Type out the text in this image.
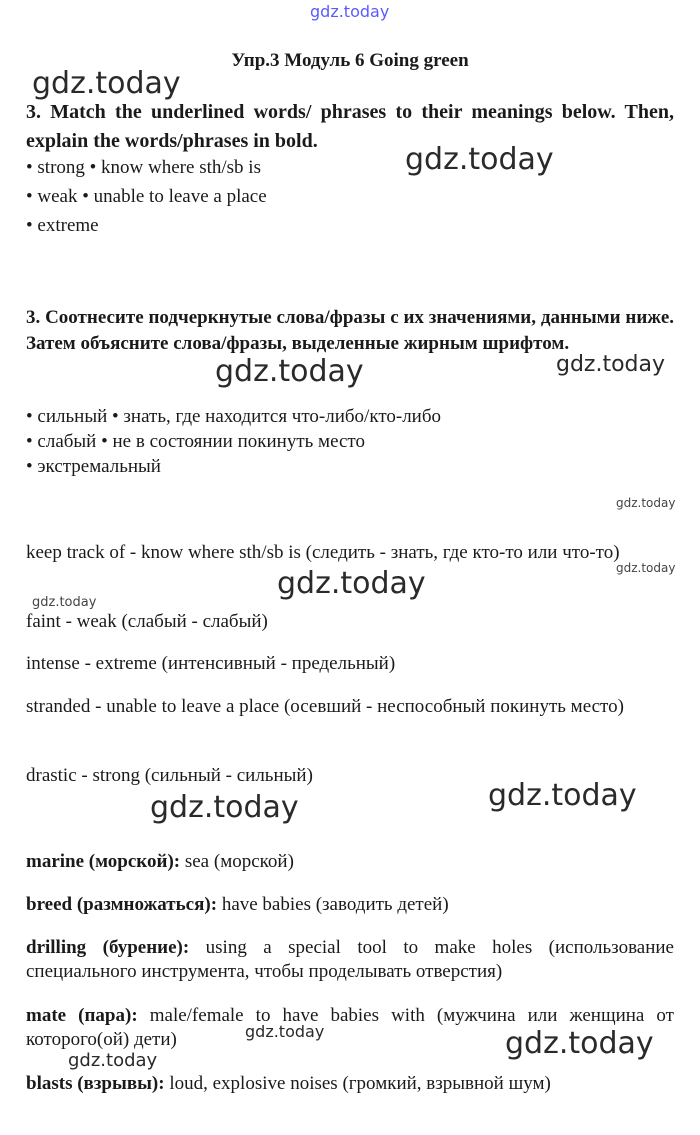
Упр.3 Модуль 6 Going green

3. Match the underlined words/ phrases to their meanings below. Then, explain the words/phrases in bold.

• strong • know where sth/sb is
• weak • unable to leave a place
• extreme

3. Соотнесите подчеркнутые слова/фразы с их значениями, данными ниже. Затем объясните слова/фразы, выделенные жирным шрифтом.

• сильный • знать, где находится что-либо/кто-либо
• слабый • не в состоянии покинуть место
• экстремальный

keep track of - know where sth/sb is (следить - знать, где кто-то или что-то)

faint - weak (слабый - слабый)

intense - extreme (интенсивный - предельный)

stranded - unable to leave a place (осевший - неспособный покинуть место)

drastic - strong (сильный - сильный)

marine (морской): sea (морской)

breed (размножаться): have babies (заводить детей)

drilling (бурение): using a special tool to make holes (использование специального инструмента, чтобы проделывать отверстия)

mate (пара): male/female to have babies with (мужчина или женщина от которого(ой) дети)

blasts (взрывы): loud, explosive noises (громкий, взрывной шум)

gdz.today
gdz.today
gdz.today
gdz.today	gdz.today
gdz.today
gdz.today
gdz.today
gdz.today
gdz.today	gdz.today
gdz.today	gdz.today
gdz.today
